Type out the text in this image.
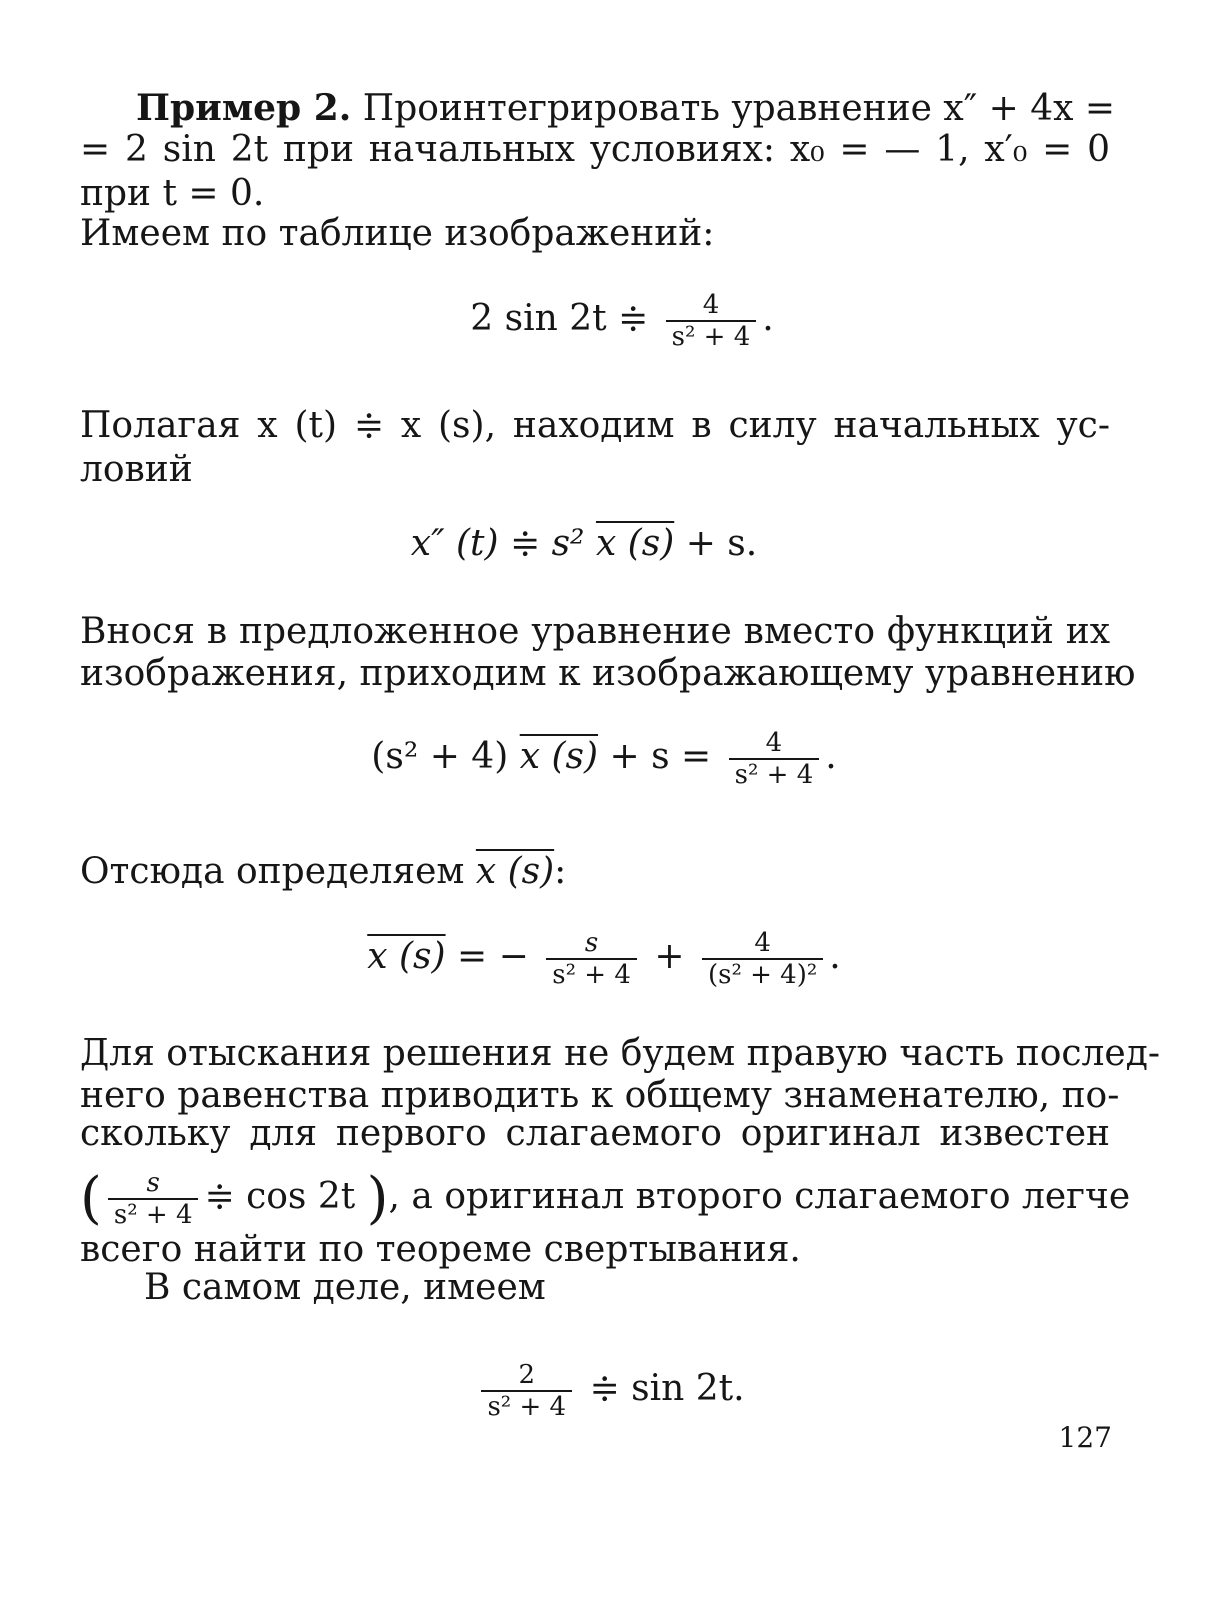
Пример 2. Проинтегрировать уравнение x″ + 4x =
= 2 sin 2t при начальных условиях: x₀ = — 1, x′₀ = 0
при t = 0.
Имеем по таблице изображений:
2 sin 2t ≑ $\frac{4}{\text{s² + 4}}$ .
Полагая x (t) ≑ x (s), находим в силу начальных ус-
ловий
x″ (t) ≑ s² x (s) + s.
Внося в предложенное уравнение вместо функций их
изображения, приходим к изображающему уравнению
(s² + 4) x $(s) + s = \frac{4}{\text{s² + 4}}$ .
Отсюда определяем x (s):
x (s) = − $\frac{s}{\text{s² + 4}} + \frac{4}{\text{(s² + 4)²}}$ .
Для отыскания решения не будем правую часть послед-
него равенства приводить к общему знаменателю, по-
скольку для первого слагаемого оригинал известен
( $\frac{s}{\text{s² + 4}}$ ≑ cos 2t ), а оригинал второго слагаемого легче
всего найти по теореме свертывания.
В самом деле, имеем
$\frac{2}{\text{s² + 4}}$ ≑ sin 2t.
127
